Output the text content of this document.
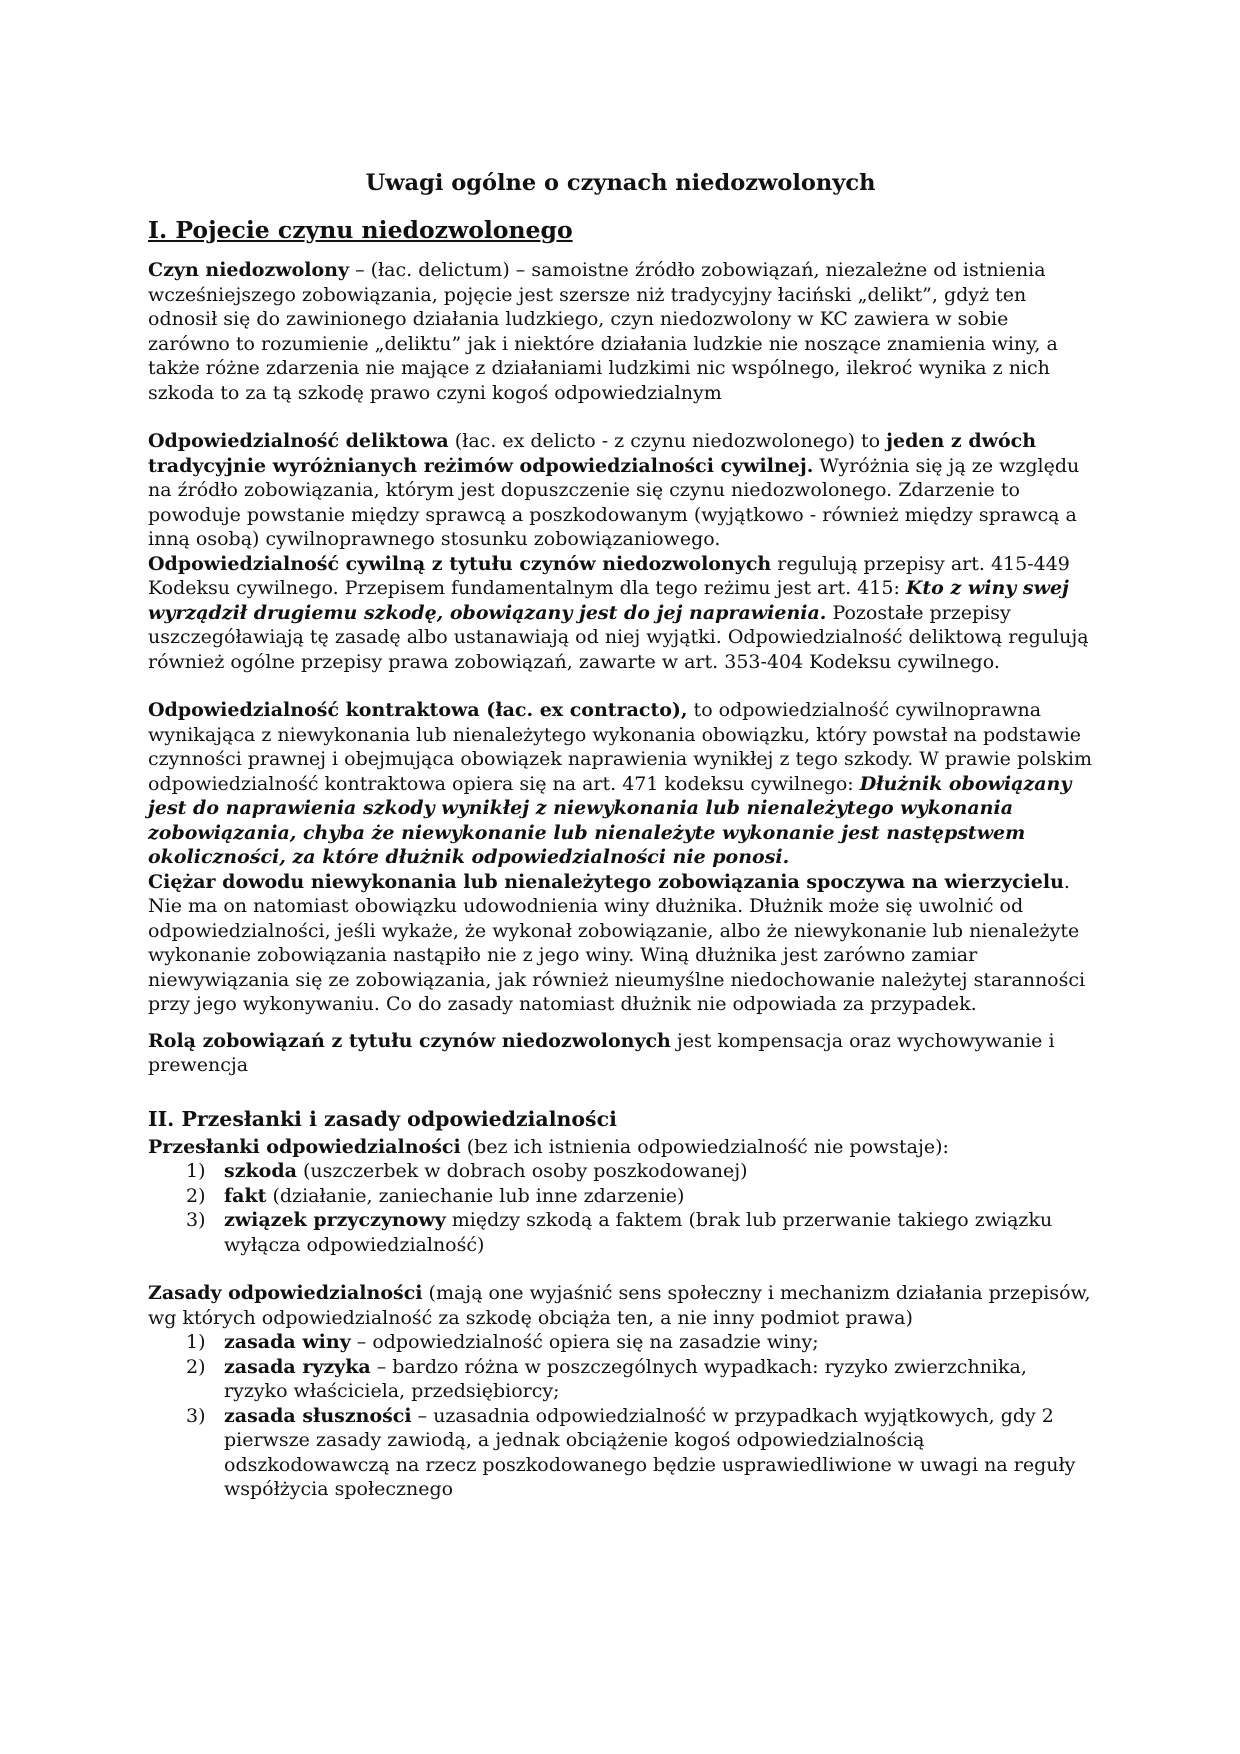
Uwagi ogólne o czynach niedozwolonych
I. Pojecie czynu niedozwolonego

Czyn niedozwolony – (łac. delictum) – samoistne źródło zobowiązań, niezależne od istnienia wcześniejszego zobowiązania, pojęcie jest szersze niż tradycyjny łaciński „delikt”, gdyż ten odnosił się do zawinionego działania ludzkiego, czyn niedozwolony w KC zawiera w sobie zarówno to rozumienie „deliktu” jak i niektóre działania ludzkie nie noszące znamienia winy, a także różne zdarzenia nie mające z działaniami ludzkimi nic wspólnego, ilekroć wynika z nich szkoda to za tą szkodę prawo czyni kogoś odpowiedzialnym

Odpowiedzialność deliktowa (łac. ex delicto - z czynu niedozwolonego) to jeden z dwóch tradycyjnie wyróżnianych reżimów odpowiedzialności cywilnej. Wyróżnia się ją ze względu na źródło zobowiązania, którym jest dopuszczenie się czynu niedozwolonego. Zdarzenie to powoduje powstanie między sprawcą a poszkodowanym (wyjątkowo - również między sprawcą a inną osobą) cywilnoprawnego stosunku zobowiązaniowego.

Odpowiedzialność cywilną z tytułu czynów niedozwolonych regulują przepisy art. 415-449 Kodeksu cywilnego. Przepisem fundamentalnym dla tego reżimu jest art. 415: Kto z winy swej wyrządził drugiemu szkodę, obowiązany jest do jej naprawienia. Pozostałe przepisy uszczegóławiają tę zasadę albo ustanawiają od niej wyjątki. Odpowiedzialność deliktową regulują również ogólne przepisy prawa zobowiązań, zawarte w art. 353-404 Kodeksu cywilnego.

Odpowiedzialność kontraktowa (łac. ex contracto), to odpowiedzialność cywilnoprawna wynikająca z niewykonania lub nienależytego wykonania obowiązku, który powstał na podstawie czynności prawnej i obejmująca obowiązek naprawienia wynikłej z tego szkody. W prawie polskim odpowiedzialność kontraktowa opiera się na art. 471 kodeksu cywilnego: Dłużnik obowiązany jest do naprawienia szkody wynikłej z niewykonania lub nienależytego wykonania zobowiązania, chyba że niewykonanie lub nienależyte wykonanie jest następstwem okoliczności, za które dłużnik odpowiedzialności nie ponosi.

Ciężar dowodu niewykonania lub nienależytego zobowiązania spoczywa na wierzycielu. Nie ma on natomiast obowiązku udowodnienia winy dłużnika. Dłużnik może się uwolnić od odpowiedzialności, jeśli wykaże, że wykonał zobowiązanie, albo że niewykonanie lub nienależyte wykonanie zobowiązania nastąpiło nie z jego winy. Winą dłużnika jest zarówno zamiar niewywiązania się ze zobowiązania, jak również nieumyślne niedochowanie należytej staranności przy jego wykonywaniu. Co do zasady natomiast dłużnik nie odpowiada za przypadek.

Rolą zobowiązań z tytułu czynów niedozwolonych jest kompensacja oraz wychowywanie i prewencja

II. Przesłanki i zasady odpowiedzialności

Przesłanki odpowiedzialności (bez ich istnienia odpowiedzialność nie powstaje):

1) szkoda (uszczerbek w dobrach osoby poszkodowanej)
2) fakt (działanie, zaniechanie lub inne zdarzenie)
3) związek przyczynowy między szkodą a faktem (brak lub przerwanie takiego związku wyłącza odpowiedzialność)

Zasady odpowiedzialności (mają one wyjaśnić sens społeczny i mechanizm działania przepisów, wg których odpowiedzialność za szkodę obciąża ten, a nie inny podmiot prawa)

1) zasada winy – odpowiedzialność opiera się na zasadzie winy;
2) zasada ryzyka – bardzo różna w poszczególnych wypadkach: ryzyko zwierzchnika, ryzyko właściciela, przedsiębiorcy;
3) zasada słuszności – uzasadnia odpowiedzialność w przypadkach wyjątkowych, gdy 2 pierwsze zasady zawiodą, a jednak obciążenie kogoś odpowiedzialnością odszkodowawczą na rzecz poszkodowanego będzie usprawiedliwione w uwagi na reguły współżycia społecznego
